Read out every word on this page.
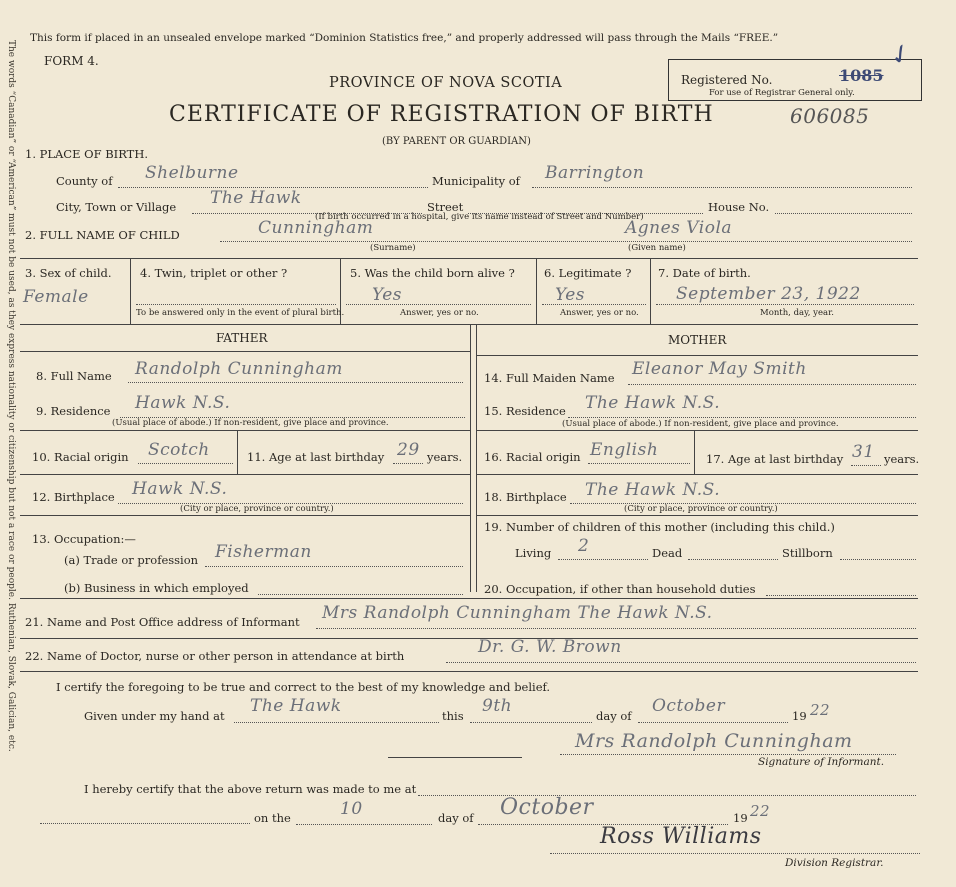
The words “Canadian” or “American” must not be used, as they express nationality or citizenship but not a race or people. Ruthenian, Slovak, Galician, etc.
This form if placed in an unsealed envelope marked “Dominion Statistics free,” and properly addressed will pass through the Mails “FREE.”
FORM 4.
PROVINCE OF NOVA SCOTIA
CERTIFICATE OF REGISTRATION OF BIRTH	606085
(BY PARENT OR GUARDIAN)
Registered No.	1085
For use of Registrar General only.
✓
1. PLACE OF BIRTH.
County of Shelburne	Municipality of Barrington
City, Town or Village The Hawk	Street	House No.
(If birth occurred in a hospital, give its name instead of Street and Number)
2. FULL NAME OF CHILD	Cunningham
(Surname)
Agnes Viola
(Given name)
3. Sex of child.
Female
4. Twin, triplet or other ?
To be answered only in the event of plural birth.
5. Was the child born alive ?
Yes
Answer, yes or no.
6. Legitimate ?
Yes
Answer, yes or no.
7. Date of birth.
September 23, 1922
Month, day, year.
FATHER	MOTHER
8. Full Name Randolph Cunningham
9. Residence Hawk N.S.
(Usual place of abode.) If non-resident, give place and province.
10. Racial origin Scotch	11. Age at last birthday 29 years.
12. Birthplace Hawk N.S.
(City or place, province or country.)
13. Occupation:—
(a) Trade or profession Fisherman
(b) Business in which employed
14. Full Maiden Name Eleanor May Smith
15. Residence The Hawk N.S.
(Usual place of abode.) If non-resident, give place and province.
16. Racial origin English	17. Age at last birthday 31 years.
18. Birthplace The Hawk N.S.
(City or place, province or country.)
19. Number of children of this mother (including this child.)
Living 2	Dead	Stillborn
20. Occupation, if other than household duties
21. Name and Post Office address of Informant Mrs Randolph Cunningham The Hawk N.S.
22. Name of Doctor, nurse or other person in attendance at birth	Dr. G. W. Brown
I certify the foregoing to be true and correct to the best of my knowledge and belief.
Given under my hand at The Hawk	this 9th	day of October	19 22
Mrs Randolph Cunningham
Signature of Informant.
I hereby certify that the above return was made to me at
on the	10	day of October	19 22
Ross Williams
Division Registrar.
